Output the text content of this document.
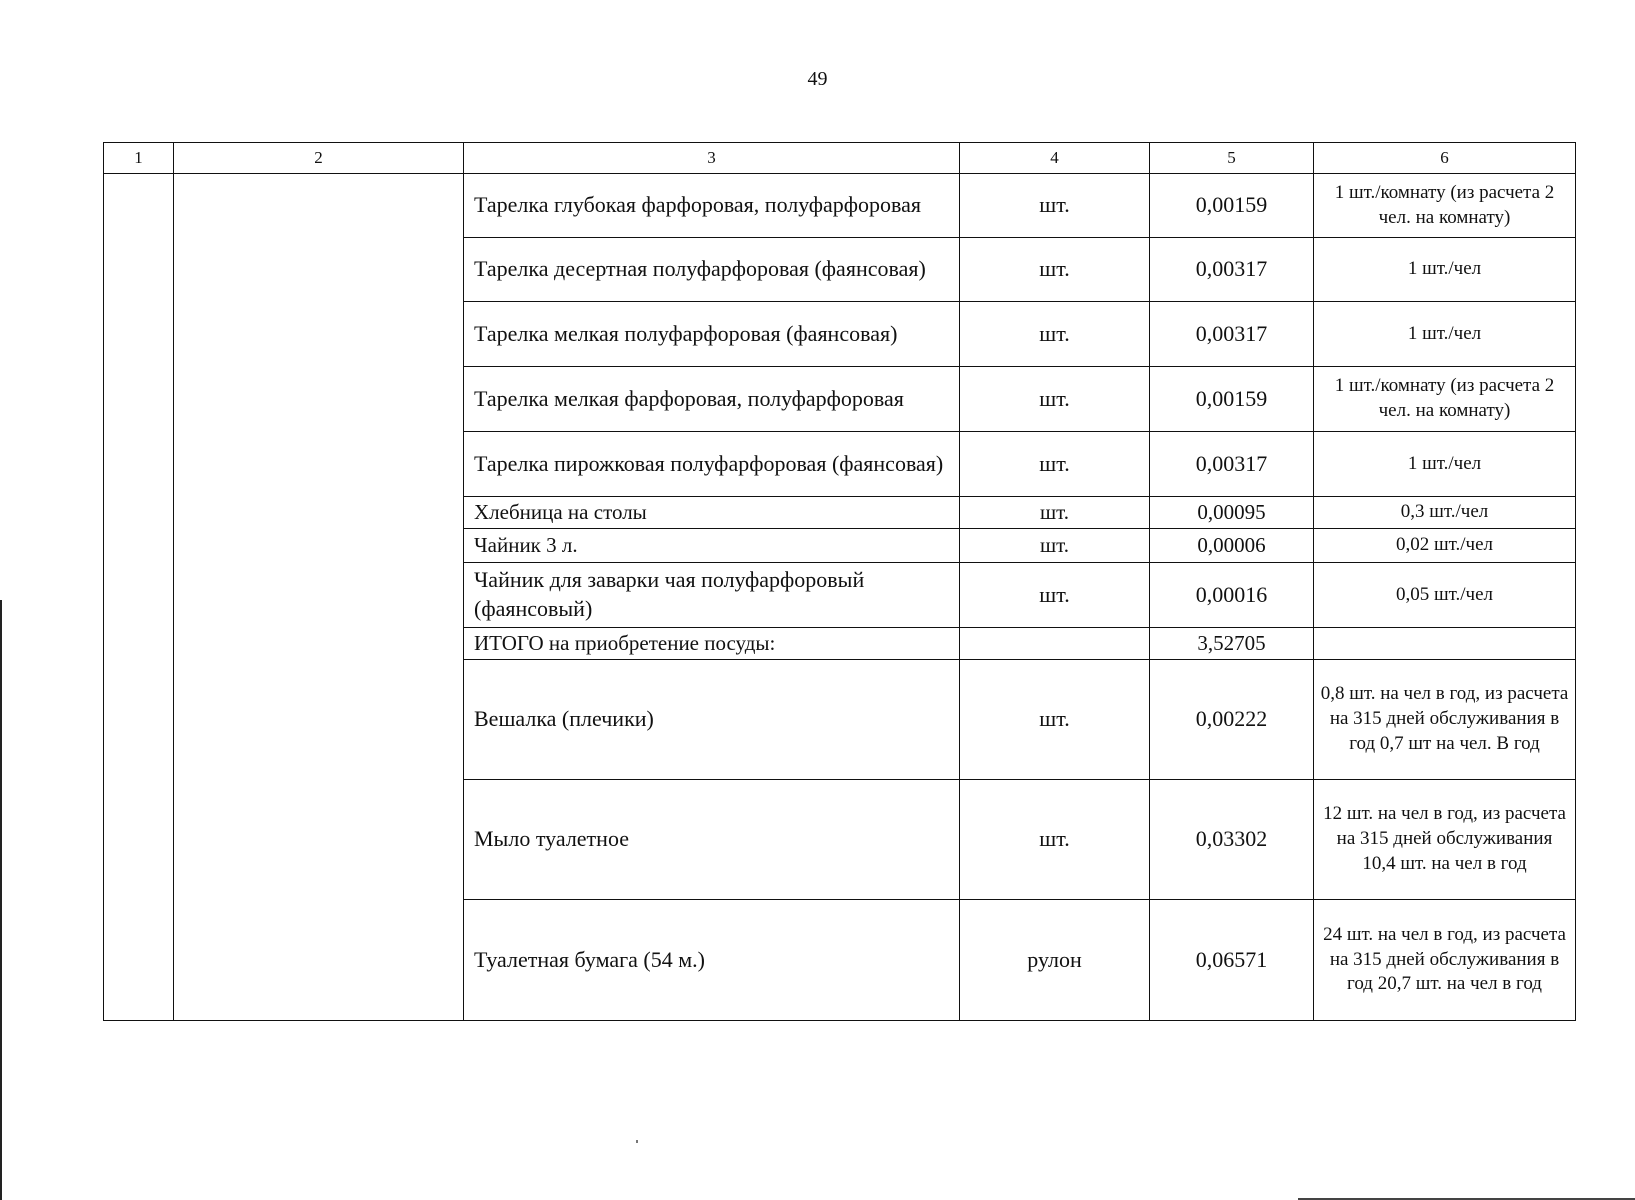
49
1	2	3	4	5	6
		Тарелка глубокая фарфоровая, полуфарфоровая	шт.	0,00159	1 шт./комнату (из расчета 2 чел. на комнату)
		Тарелка десертная полуфарфоровая (фаянсовая)	шт.	0,00317	1 шт./чел
		Тарелка мелкая полуфарфоровая (фаянсовая)	шт.	0,00317	1 шт./чел
		Тарелка мелкая фарфоровая, полуфарфоровая	шт.	0,00159	1 шт./комнату (из расчета 2 чел. на комнату)
		Тарелка пирожковая полуфарфоровая (фаянсовая)	шт.	0,00317	1 шт./чел
		Хлебница на столы	шт.	0,00095	0,3 шт./чел
		Чайник 3 л.	шт.	0,00006	0,02 шт./чел
		Чайник для заварки чая полуфарфоровый (фаянсовый)	шт.	0,00016	0,05 шт./чел
		ИТОГО на приобретение посуды:		3,52705	
		Вешалка (плечики)	шт.	0,00222	0,8 шт. на чел в год, из расчета на 315 дней обслуживания в год 0,7 шт на чел. В год
		Мыло туалетное	шт.	0,03302	12 шт. на чел в год, из расчета на 315 дней обслуживания 10,4 шт. на чел в год
		Туалетная бумага (54 м.)	рулон	0,06571	24 шт. на чел в год, из расчета на 315 дней обслуживания в год 20,7 шт. на чел в год
